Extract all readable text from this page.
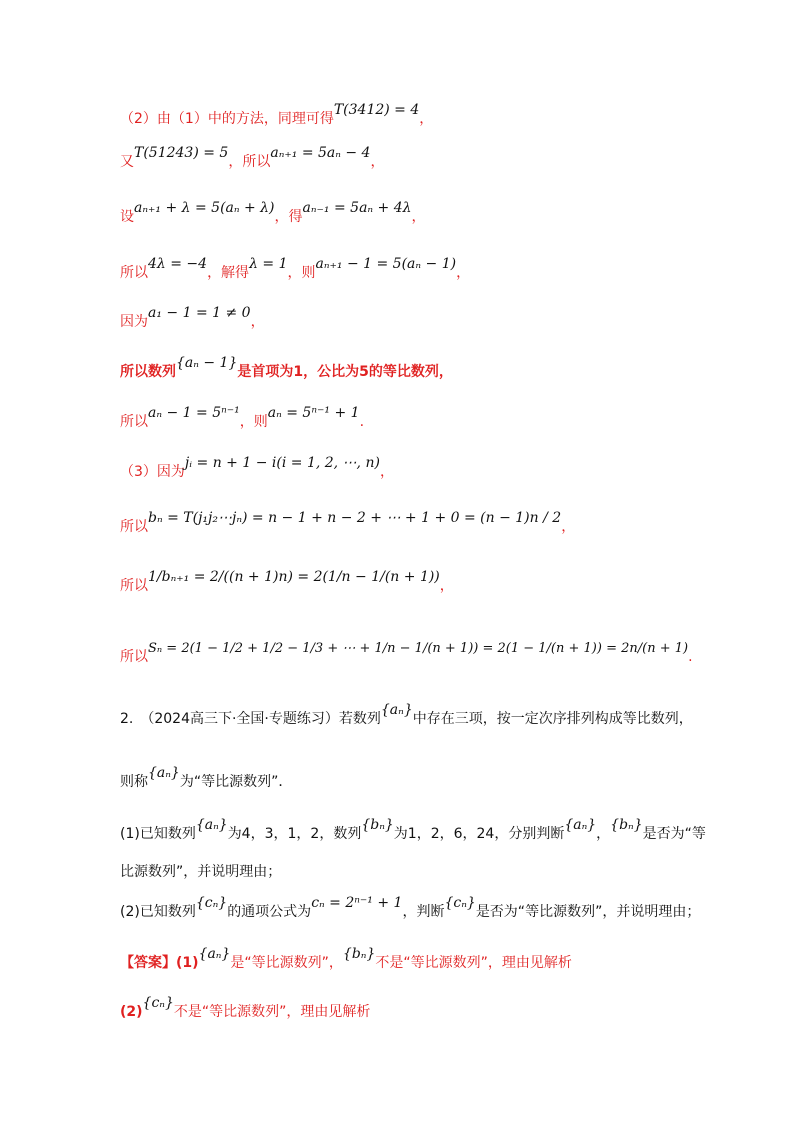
（2）由（1）中的方法，同理可得T(3412) = 4，
又T(51243) = 5，所以aₙ₊₁ = 5aₙ − 4，
设aₙ₊₁ + λ = 5(aₙ + λ)，得aₙ₋₁ = 5aₙ + 4λ，
所以4λ = −4，解得λ = 1，则aₙ₊₁ − 1 = 5(aₙ − 1)，
因为a₁ − 1 = 1 ≠ 0，
所以数列{aₙ − 1}是首项为1，公比为5的等比数列，
所以aₙ − 1 = 5ⁿ⁻¹，则aₙ = 5ⁿ⁻¹ + 1.
（3）因为jᵢ = n + 1 − i(i = 1, 2, ⋯, n)，
所以bₙ = T(j₁j₂⋯jₙ) = n − 1 + n − 2 + ⋯ + 1 + 0 = (n − 1)n / 2，
所以1/bₙ₊₁ = 2/((n + 1)n) = 2(1/n − 1/(n + 1))，
所以Sₙ = 2(1 − 1/2 + 1/2 − 1/3 + ⋯ + 1/n − 1/(n + 1)) = 2(1 − 1/(n + 1)) = 2n/(n + 1).
2.　（2024高三下·全国·专题练习）若数列{aₙ}中存在三项，按一定次序排列构成等比数列，
则称{aₙ}为“等比源数列”．
(1)已知数列{aₙ}为4，3，1，2，数列{bₙ}为1，2，6，24，分别判断{aₙ}，{bₙ}是否为“等
比源数列”，并说明理由；
(2)已知数列{cₙ}的通项公式为cₙ = 2ⁿ⁻¹ + 1，判断{cₙ}是否为“等比源数列”，并说明理由；
【答案】(1){aₙ}是“等比源数列”，{bₙ}不是“等比源数列”，理由见解析
(2){cₙ}不是“等比源数列”，理由见解析
